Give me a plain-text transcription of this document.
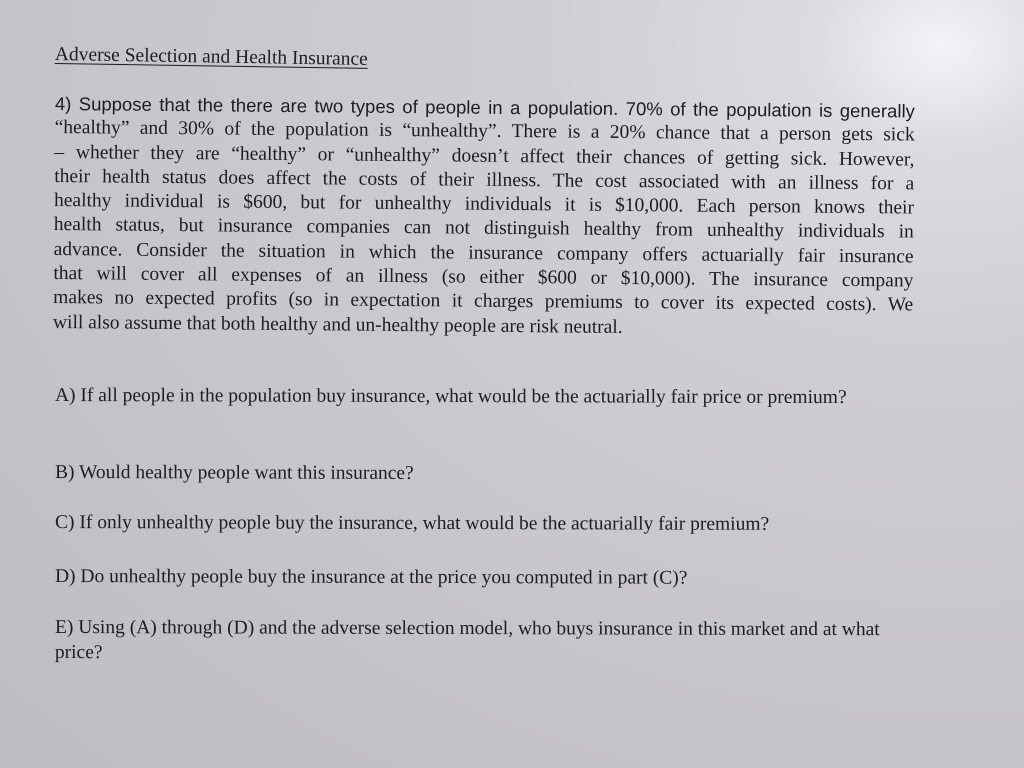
Adverse Selection and Health Insurance
4) Suppose that the there are two types of people in a population. 70% of the population is generally
“healthy” and 30% of the population is “unhealthy”. There is a 20% chance that a person gets sick
– whether they are “healthy” or “unhealthy” doesn’t affect their chances of getting sick. However,
their health status does affect the costs of their illness. The cost associated with an illness for a
healthy individual is $600, but for unhealthy individuals it is $10,000. Each person knows their
health status, but insurance companies can not distinguish healthy from unhealthy individuals in
advance. Consider the situation in which the insurance company offers actuarially fair insurance
that will cover all expenses of an illness (so either $600 or $10,000). The insurance company
makes no expected profits (so in expectation it charges premiums to cover its expected costs). We
will also assume that both healthy and un-healthy people are risk neutral.
A) If all people in the population buy insurance, what would be the actuarially fair price or premium?
B) Would healthy people want this insurance?
C) If only unhealthy people buy the insurance, what would be the actuarially fair premium?
D) Do unhealthy people buy the insurance at the price you computed in part (C)?
E) Using (A) through (D) and the adverse selection model, who buys insurance in this market and at what price?
